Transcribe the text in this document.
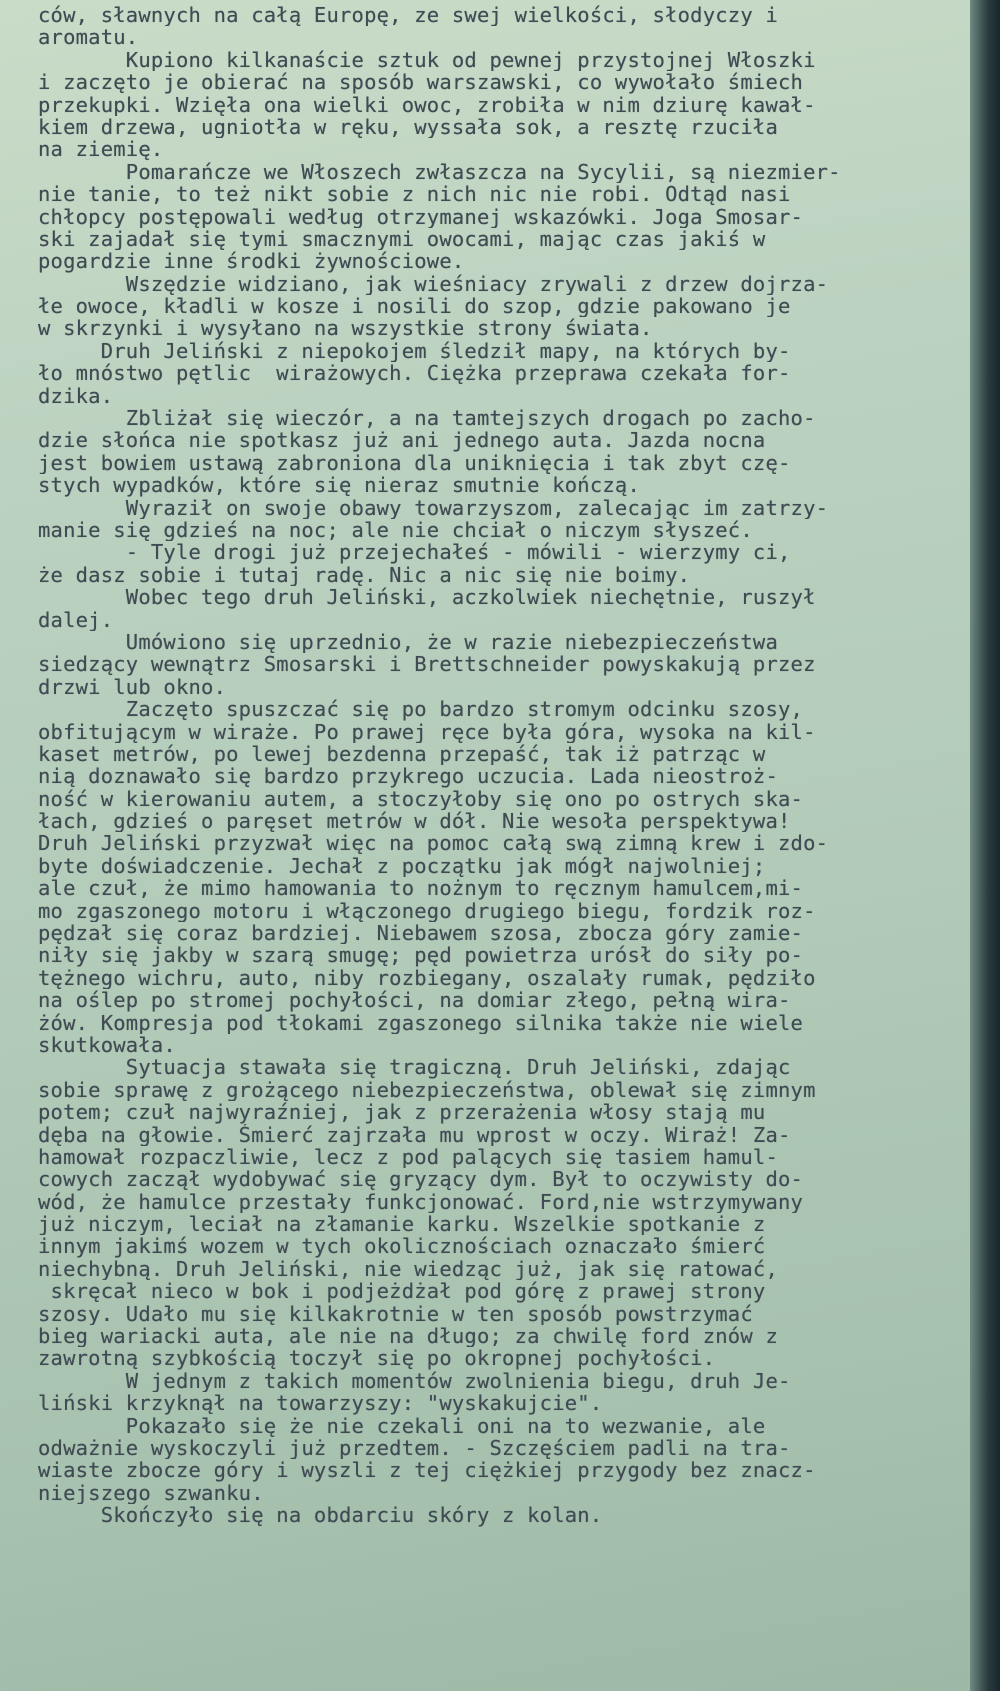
ców, sławnych na całą Europę, ze swej wielkości, słodyczy i
aromatu.
Kupiono kilkanaście sztuk od pewnej przystojnej Włoszki
i zaczęto je obierać na sposób warszawski, co wywołało śmiech
przekupki. Wzięła ona wielki owoc, zrobiła w nim dziurę kawał-
kiem drzewa, ugniotła w ręku, wyssała sok, a resztę rzuciła
na ziemię.
Pomarańcze we Włoszech zwłaszcza na Sycylii, są niezmier-
nie tanie, to też nikt sobie z nich nic nie robi. Odtąd nasi
chłopcy postępowali według otrzymanej wskazówki. Joga Smosar-
ski zajadał się tymi smacznymi owocami, mając czas jakiś w
pogardzie inne środki żywnościowe.
Wszędzie widziano, jak wieśniacy zrywali z drzew dojrza-
łe owoce, kładli w kosze i nosili do szop, gdzie pakowano je
w skrzynki i wysyłano na wszystkie strony świata.
Druh Jeliński z niepokojem śledził mapy, na których by-
ło mnóstwo pętlic  wirażowych. Ciężka przeprawa czekała for-
dzika.
Zbliżał się wieczór, a na tamtejszych drogach po zacho-
dzie słońca nie spotkasz już ani jednego auta. Jazda nocna
jest bowiem ustawą zabroniona dla uniknięcia i tak zbyt czę-
stych wypadków, które się nieraz smutnie kończą.
Wyraził on swoje obawy towarzyszom, zalecając im zatrzy-
manie się gdzieś na noc; ale nie chciał o niczym słyszeć.
- Tyle drogi już przejechałeś - mówili - wierzymy ci,
że dasz sobie i tutaj radę. Nic a nic się nie boimy.
Wobec tego druh Jeliński, aczkolwiek niechętnie, ruszył
dalej.
Umówiono się uprzednio, że w razie niebezpieczeństwa
siedzący wewnątrz Smosarski i Brettschneider powyskakują przez
drzwi lub okno.
Zaczęto spuszczać się po bardzo stromym odcinku szosy,
obfitującym w wiraże. Po prawej ręce była góra, wysoka na kil-
kaset metrów, po lewej bezdenna przepaść, tak iż patrząc w
nią doznawało się bardzo przykrego uczucia. Lada nieostroż-
ność w kierowaniu autem, a stoczyłoby się ono po ostrych ska-
łach, gdzieś o paręset metrów w dół. Nie wesoła perspektywa!
Druh Jeliński przyzwał więc na pomoc całą swą zimną krew i zdo-
byte doświadczenie. Jechał z początku jak mógł najwolniej;
ale czuł, że mimo hamowania to nożnym to ręcznym hamulcem,mi-
mo zgaszonego motoru i włączonego drugiego biegu, fordzik roz-
pędzał się coraz bardziej. Niebawem szosa, zbocza góry zamie-
niły się jakby w szarą smugę; pęd powietrza urósł do siły po-
tężnego wichru, auto, niby rozbiegany, oszalały rumak, pędziło
na oślep po stromej pochyłości, na domiar złego, pełną wira-
żów. Kompresja pod tłokami zgaszonego silnika także nie wiele
skutkowała.
Sytuacja stawała się tragiczną. Druh Jeliński, zdając
sobie sprawę z grożącego niebezpieczeństwa, oblewał się zimnym
potem; czuł najwyraźniej, jak z przerażenia włosy stają mu
dęba na głowie. Śmierć zajrzała mu wprost w oczy. Wiraż! Za-
hamował rozpaczliwie, lecz z pod palących się tasiem hamul-
cowych zaczął wydobywać się gryzący dym. Był to oczywisty do-
wód, że hamulce przestały funkcjonować. Ford,nie wstrzymywany
już niczym, leciał na złamanie karku. Wszelkie spotkanie z
innym jakimś wozem w tych okolicznościach oznaczało śmierć
niechybną. Druh Jeliński, nie wiedząc już, jak się ratować,
skręcał nieco w bok i podjeżdżał pod górę z prawej strony
szosy. Udało mu się kilkakrotnie w ten sposób powstrzymać
bieg wariacki auta, ale nie na długo; za chwilę ford znów z
zawrotną szybkością toczył się po okropnej pochyłości.
W jednym z takich momentów zwolnienia biegu, druh Je-
liński krzyknął na towarzyszy: "wyskakujcie".
Pokazało się że nie czekali oni na to wezwanie, ale
odważnie wyskoczyli już przedtem. - Szczęściem padli na tra-
wiaste zbocze góry i wyszli z tej ciężkiej przygody bez znacz-
niejszego szwanku.
Skończyło się na obdarciu skóry z kolan.
